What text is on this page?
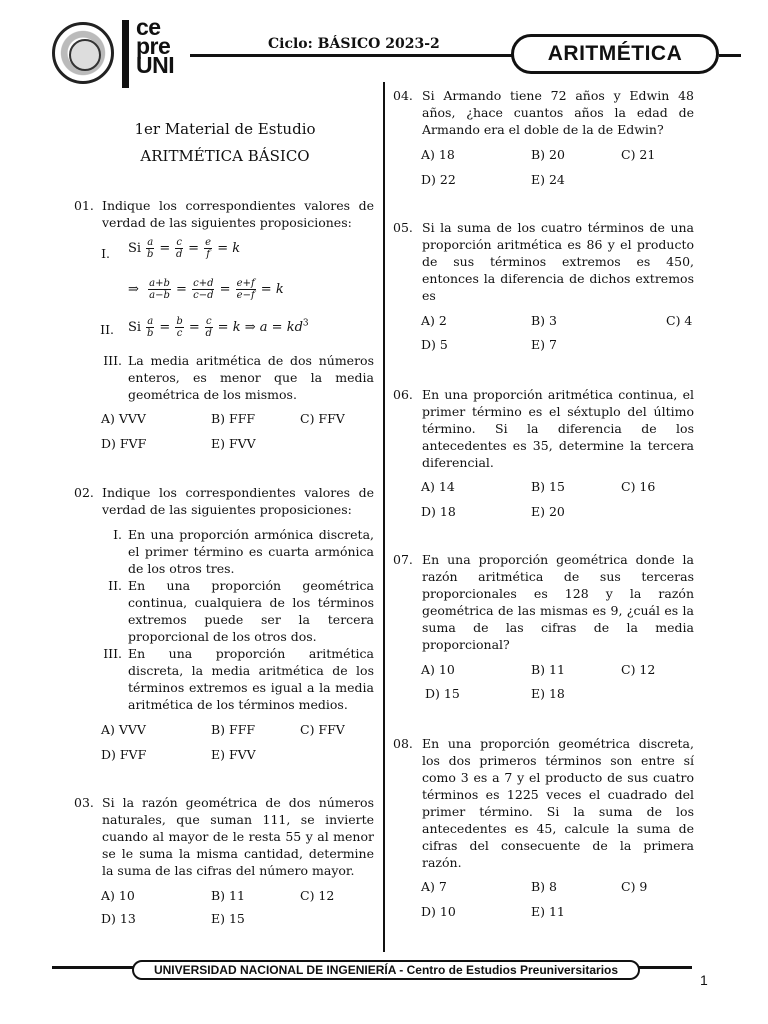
ce
pre
UNI
Ciclo: BÁSICO 2023-2	ARITMÉTICA
1er Material de Estudio
ARITMÉTICA BÁSICO
01. Indique los correspondientes valores de verdad de las siguientes proposiciones:
I. Si $\frac{a}{b} = \frac{c}{d} = \frac{e}{f} = k$
⇒ $\frac{a+b}{a-b} = \frac{c+d}{c-d} = \frac{e+f}{e-f} = k$
II. Si $\frac{a}{b} = \frac{b}{c} = \frac{c}{d} = k$ ⇒ $a = kd^3$
III. La media aritmética de dos números enteros, es menor que la media geométrica de los mismos.
A) VVV	B) FFF	C) FFV
D) FVF	E) FVV
02. Indique los correspondientes valores de verdad de las siguientes proposiciones:
I. En una proporción armónica discreta, el primer término es cuarta armónica de los otros tres.
II. En una proporción geométrica continua, cualquiera de los términos extremos puede ser la tercera proporcional de los otros dos.
III. En una proporción aritmética discreta, la media aritmética de los términos extremos es igual a la media aritmética de los términos medios.
A) VVV	B) FFF	C) FFV
D) FVF	E) FVV
03. Si la razón geométrica de dos números naturales, que suman 111, se invierte cuando al mayor de le resta 55 y al menor se le suma la misma cantidad, determine la suma de las cifras del número mayor.
A) 10	B) 11	C) 12
D) 13	E) 15
04. Si Armando tiene 72 años y Edwin 48 años, ¿hace cuantos años la edad de Armando era el doble de la de Edwin?
A) 18	B) 20	C) 21
D) 22	E) 24
05. Si la suma de los cuatro términos de una proporción aritmética es 86 y el producto de sus términos extremos es 450, entonces la diferencia de dichos extremos es
A) 2	B) 3	C) 4
D) 5	E) 7
06. En una proporción aritmética continua, el primer término es el séxtuplo del último término. Si la diferencia de los antecedentes es 35, determine la tercera diferencial.
A) 14	B) 15	C) 16
D) 18	E) 20
07. En una proporción geométrica donde la razón aritmética de sus terceras proporcionales es 128 y la razón geométrica de las mismas es 9, ¿cuál es la suma de las cifras de la media proporcional?
A) 10	B) 11	C) 12
D) 15	E) 18
08. En una proporción geométrica discreta, los dos primeros términos son entre sí como 3 es a 7 y el producto de sus cuatro términos es 1225 veces el cuadrado del primer término. Si la suma de los antecedentes es 45, calcule la suma de cifras del consecuente de la primera razón.
A) 7	B) 8	C) 9
D) 10	E) 11
UNIVERSIDAD NACIONAL DE INGENIERÍA - Centro de Estudios Preuniversitarios
1
